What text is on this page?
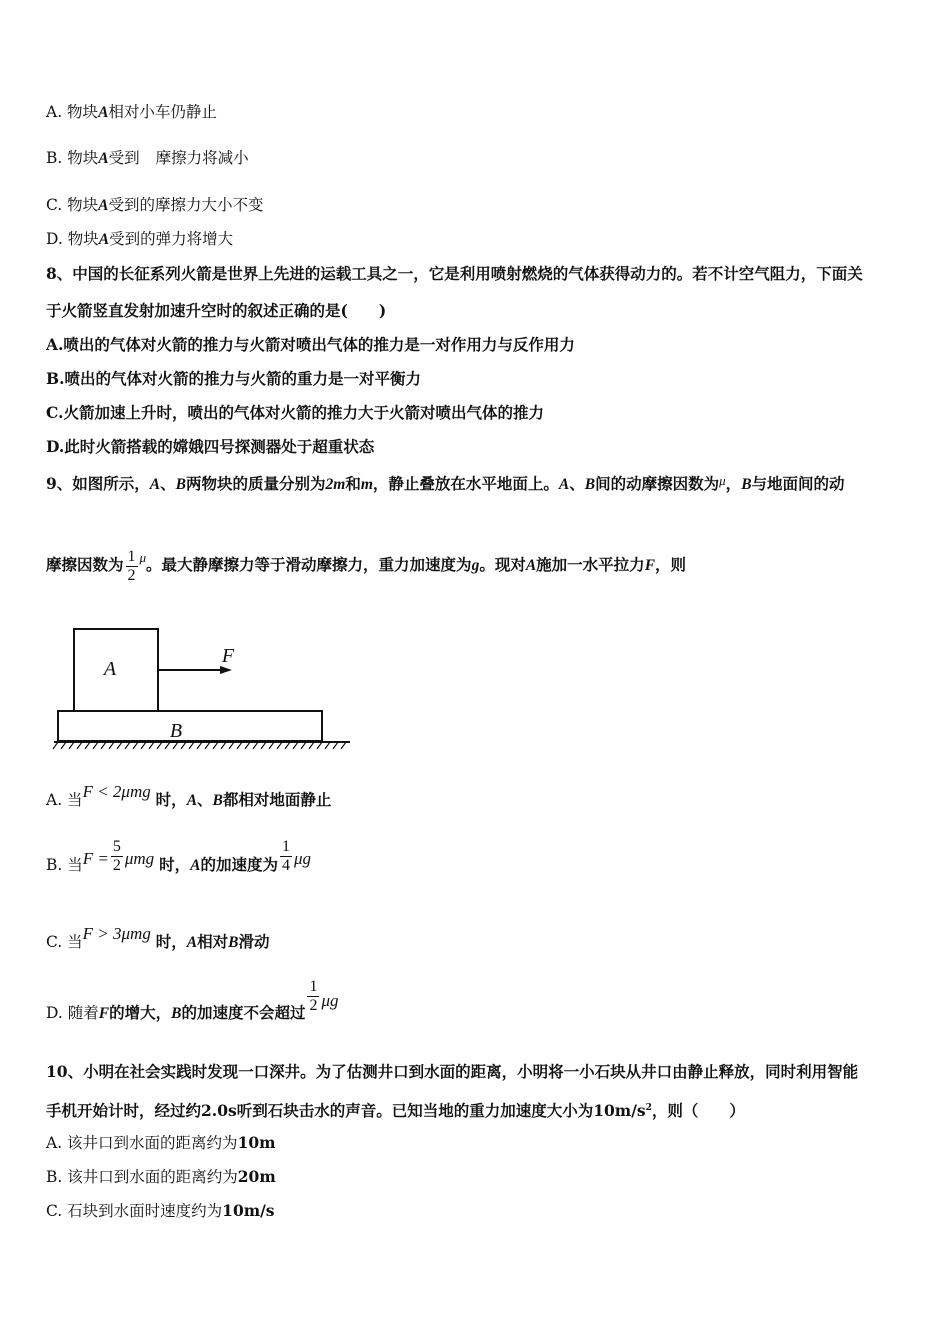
A. 物块A相对小车仍静止
B. 物块A受到 摩擦力将减小
C. 物块A受到的摩擦力大小不变
D. 物块A受到的弹力将增大
8、中国的长征系列火箭是世界上先进的运载工具之一，它是利用喷射燃烧的气体获得动力的。若不计空气阻力，下面关
于火箭竖直发射加速升空时的叙述正确的是(　　)
A.喷出的气体对火箭的推力与火箭对喷出气体的推力是一对作用力与反作用力
B.喷出的气体对火箭的推力与火箭的重力是一对平衡力
C.火箭加速上升时，喷出的气体对火箭的推力大于火箭对喷出气体的推力
D.此时火箭搭载的嫦娥四号探测器处于超重状态
9、如图所示，A、B两物块的质量分别为2m和m，静止叠放在水平地面上。A、B间的动摩擦因数为$^\mu$，B与地面间的动
摩擦因数为 $\frac{1}{2} ^\mu$。最大静摩擦力等于滑动摩擦力，重力加速度为g。现对A施加一水平拉力F，则
A
B
F
A. 当F < 2μmg 时，A、B都相对地面静止
B. 当$F = \frac{5}{2}$ μmg 时，A的加速度为 $\frac{1}{4}$ μg
C. 当F > 3μmg 时，A相对B滑动
D. 随着F的增大，B的加速度不会超过 $\frac{1}{2}$ μg
10、小明在社会实践时发现一口深井。为了估测井口到水面的距离，小明将一小石块从井口由静止释放，同时利用智能
手机开始计时，经过约2.0s听到石块击水的声音。已知当地的重力加速度大小为$10m/s^2$，则（　　）
A. 该井口到水面的距离约为10m
B. 该井口到水面的距离约为20m
C. 石块到水面时速度约为10m/s
